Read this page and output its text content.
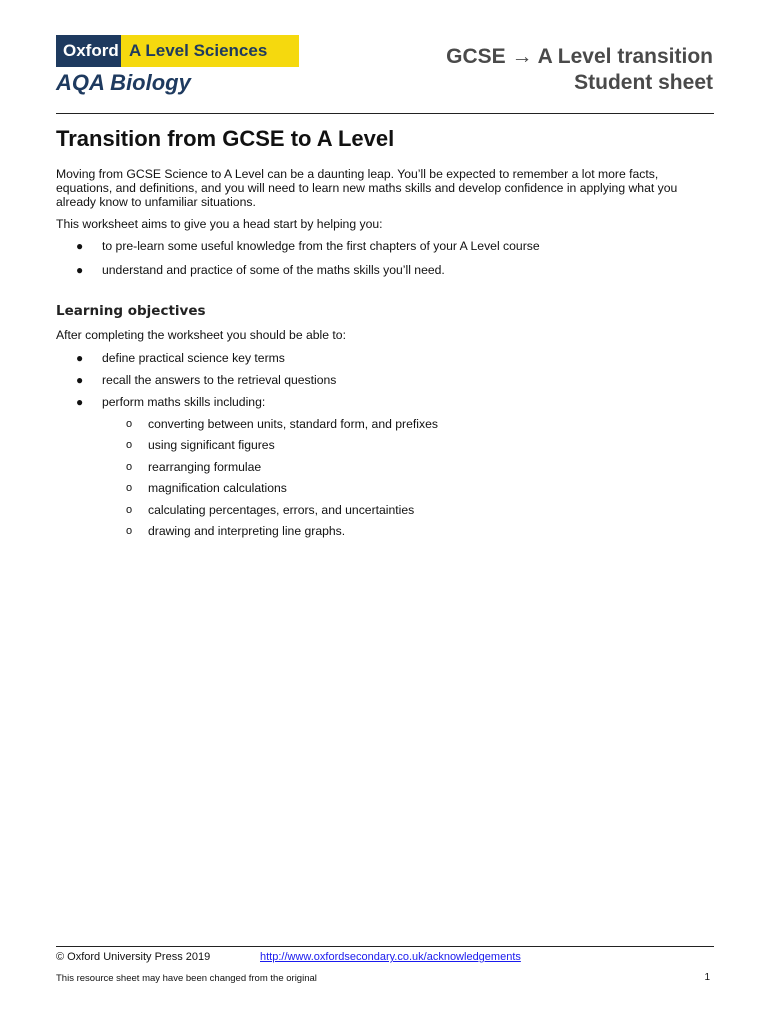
Oxford A Level Sciences
AQA Biology
GCSE → A Level transition
Student sheet
Transition from GCSE to A Level
Moving from GCSE Science to A Level can be a daunting leap. You’ll be expected to remember a lot more facts, equations, and definitions, and you will need to learn new maths skills and develop confidence in applying what you already know to unfamiliar situations.
This worksheet aims to give you a head start by helping you:
● to pre-learn some useful knowledge from the first chapters of your A Level course
● understand and practice of some of the maths skills you’ll need.
Learning objectives
After completing the worksheet you should be able to:
● define practical science key terms
● recall the answers to the retrieval questions
● perform maths skills including:
o converting between units, standard form, and prefixes
o using significant figures
o rearranging formulae
o magnification calculations
o calculating percentages, errors, and uncertainties
o drawing and interpreting line graphs.
© Oxford University Press 2019	http://www.oxfordsecondary.co.uk/acknowledgements
This resource sheet may have been changed from the original	1
